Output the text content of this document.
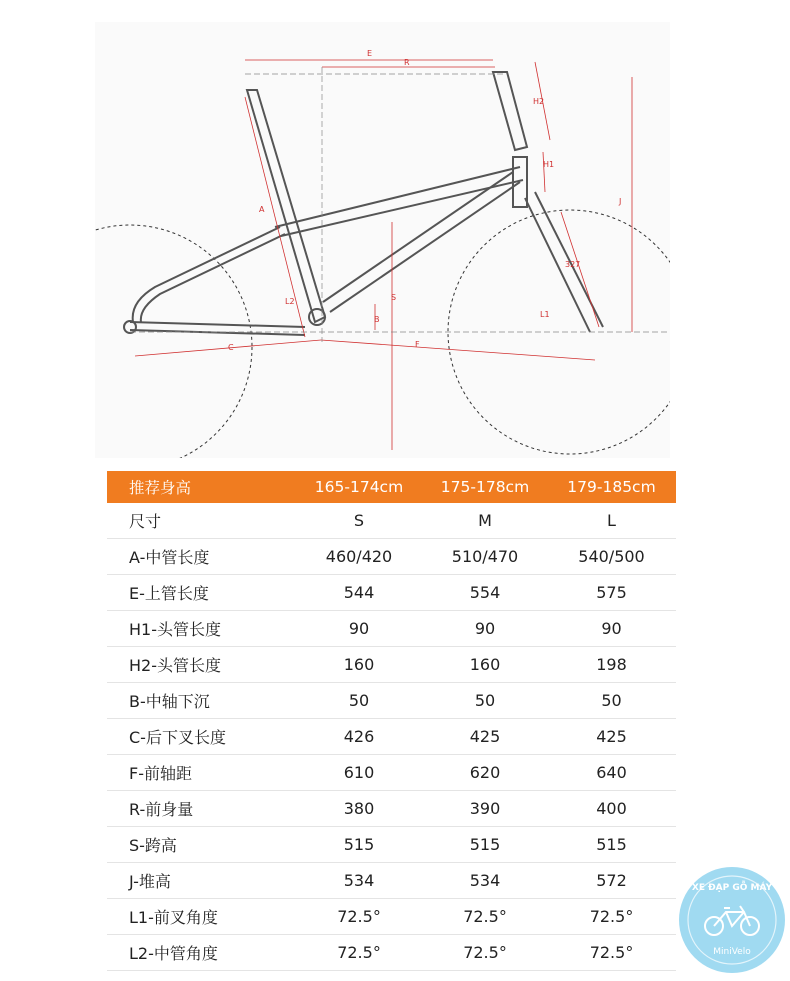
E
R
H2
H1
J
A
S
B
C	F
L1
L2
327
推荐身高	165-174cm	175-178cm	179-185cm
尺寸	S	M	L
A-中管长度	460/420	510/470	540/500
E-上管长度	544	554	575
H1-头管长度	90	90	90
H2-头管长度	160	160	198
B-中轴下沉	50	50	50
C-后下叉长度	426	425	425
F-前轴距	610	620	640
R-前身量	380	390	400
S-跨高	515	515	515
J-堆高	534	534	572
L1-前叉角度	72.5°	72.5°	72.5°
L2-中管角度	72.5°	72.5°	72.5°
XE ĐẠP GỖ MÁY
MiniVelo
